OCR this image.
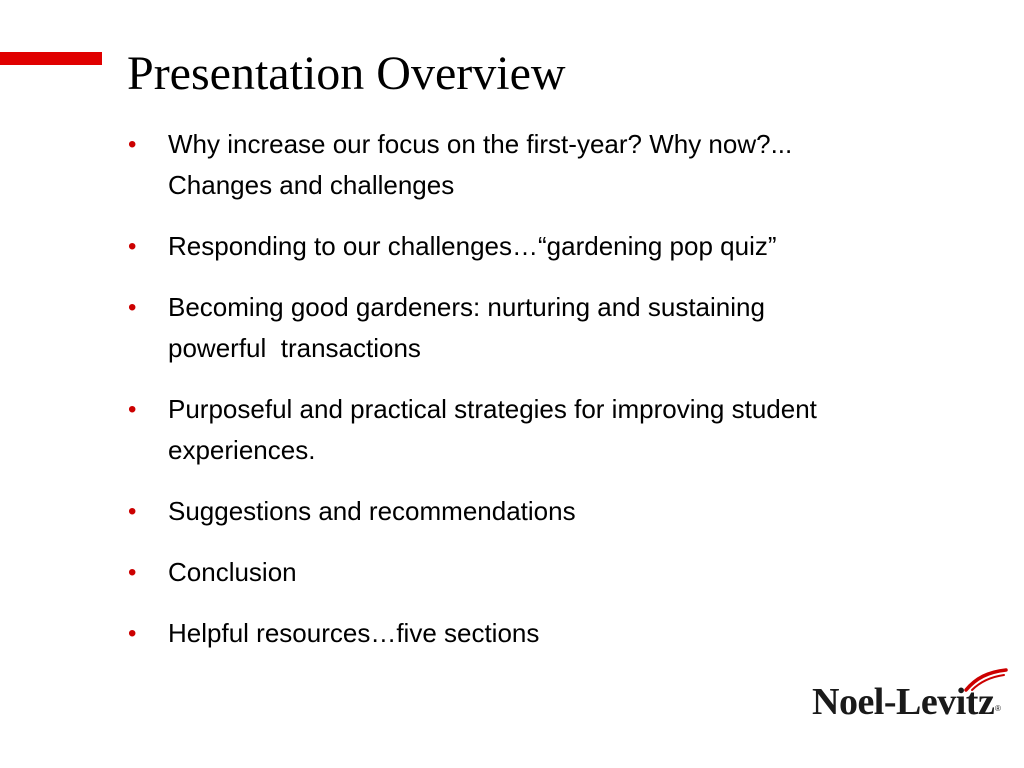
Presentation Overview
•	Why increase our focus on the first-year? Why now?...
Changes and challenges
•	Responding to our challenges…“gardening pop quiz”
•	Becoming good gardeners: nurturing and sustaining
powerful  transactions
•	Purposeful and practical strategies for improving student
experiences.
•	Suggestions and recommendations
•	Conclusion
•	Helpful resources…five sections
Noel-Levitz ®
